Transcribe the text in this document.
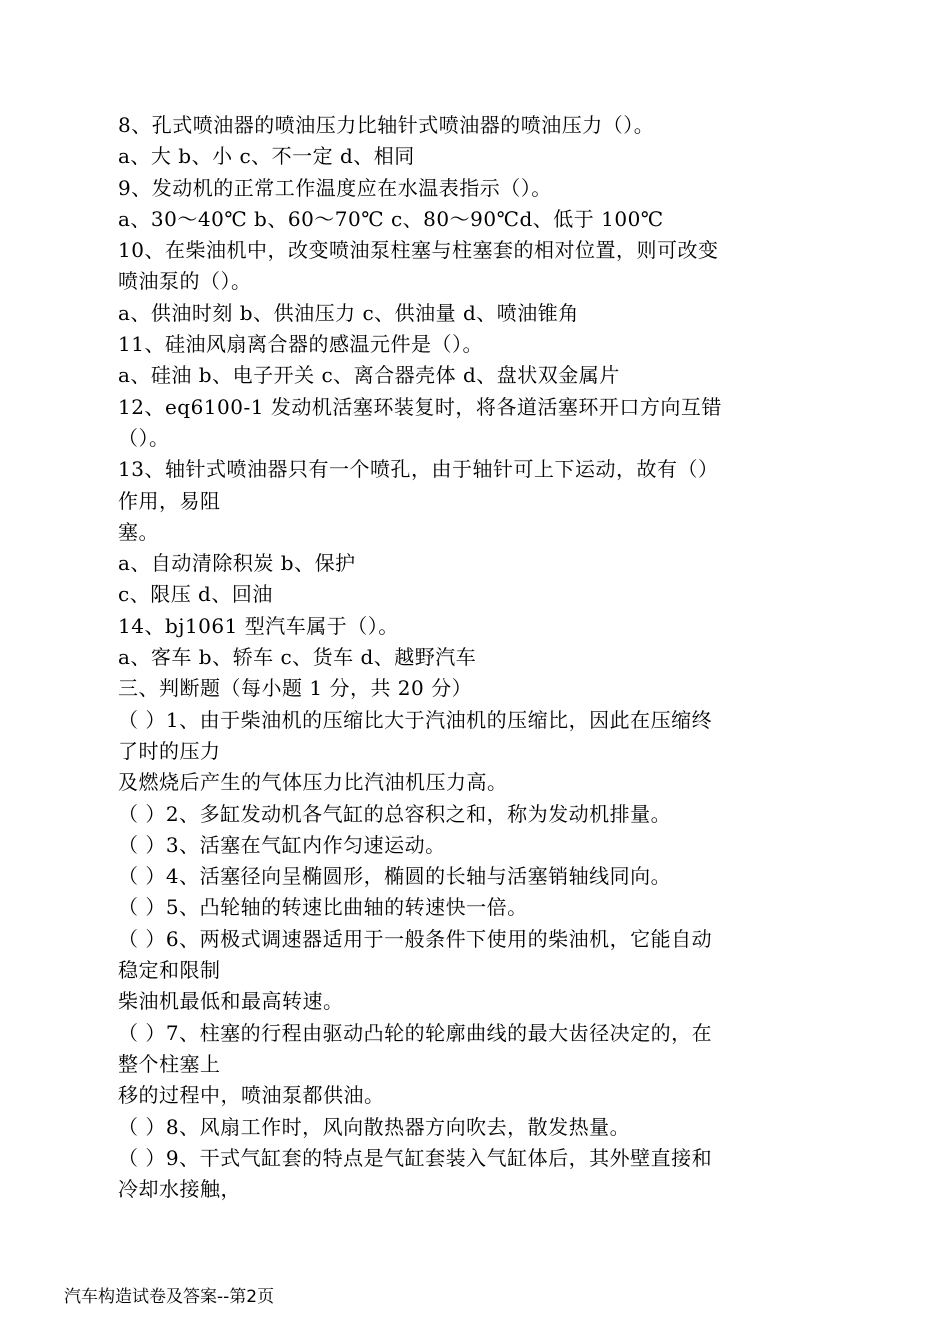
8、孔式喷油器的喷油压力比轴针式喷油器的喷油压力（）。
a、大 b、小 c、不一定 d、相同
9、发动机的正常工作温度应在水温表指示（）。
a、30～40℃ b、60～70℃ c、80～90℃d、低于 100℃
10、在柴油机中，改变喷油泵柱塞与柱塞套的相对位置，则可改变
喷油泵的（）。
a、供油时刻 b、供油压力 c、供油量 d、喷油锥角
11、硅油风扇离合器的感温元件是（）。
a、硅油 b、电子开关 c、离合器壳体 d、盘状双金属片
12、eq6100-1 发动机活塞环装复时，将各道活塞环开口方向互错
（）。
13、轴针式喷油器只有一个喷孔，由于轴针可上下运动，故有（）
作用，易阻
塞。
a、自动清除积炭 b、保护
c、限压 d、回油
14、bj1061 型汽车属于（）。
a、客车 b、轿车 c、货车 d、越野汽车
三、判断题（每小题 1 分，共 20 分）
（ ）1、由于柴油机的压缩比大于汽油机的压缩比，因此在压缩终
了时的压力
及燃烧后产生的气体压力比汽油机压力高。
（ ）2、多缸发动机各气缸的总容积之和，称为发动机排量。
（ ）3、活塞在气缸内作匀速运动。
（ ）4、活塞径向呈椭圆形，椭圆的长轴与活塞销轴线同向。
（ ）5、凸轮轴的转速比曲轴的转速快一倍。
（ ）6、两极式调速器适用于一般条件下使用的柴油机，它能自动
稳定和限制
柴油机最低和最高转速。
（ ）7、柱塞的行程由驱动凸轮的轮廓曲线的最大齿径决定的，在
整个柱塞上
移的过程中，喷油泵都供油。
（ ）8、风扇工作时，风向散热器方向吹去，散发热量。
（ ）9、干式气缸套的特点是气缸套装入气缸体后，其外壁直接和
冷却水接触，
汽车构造试卷及答案--第2页
